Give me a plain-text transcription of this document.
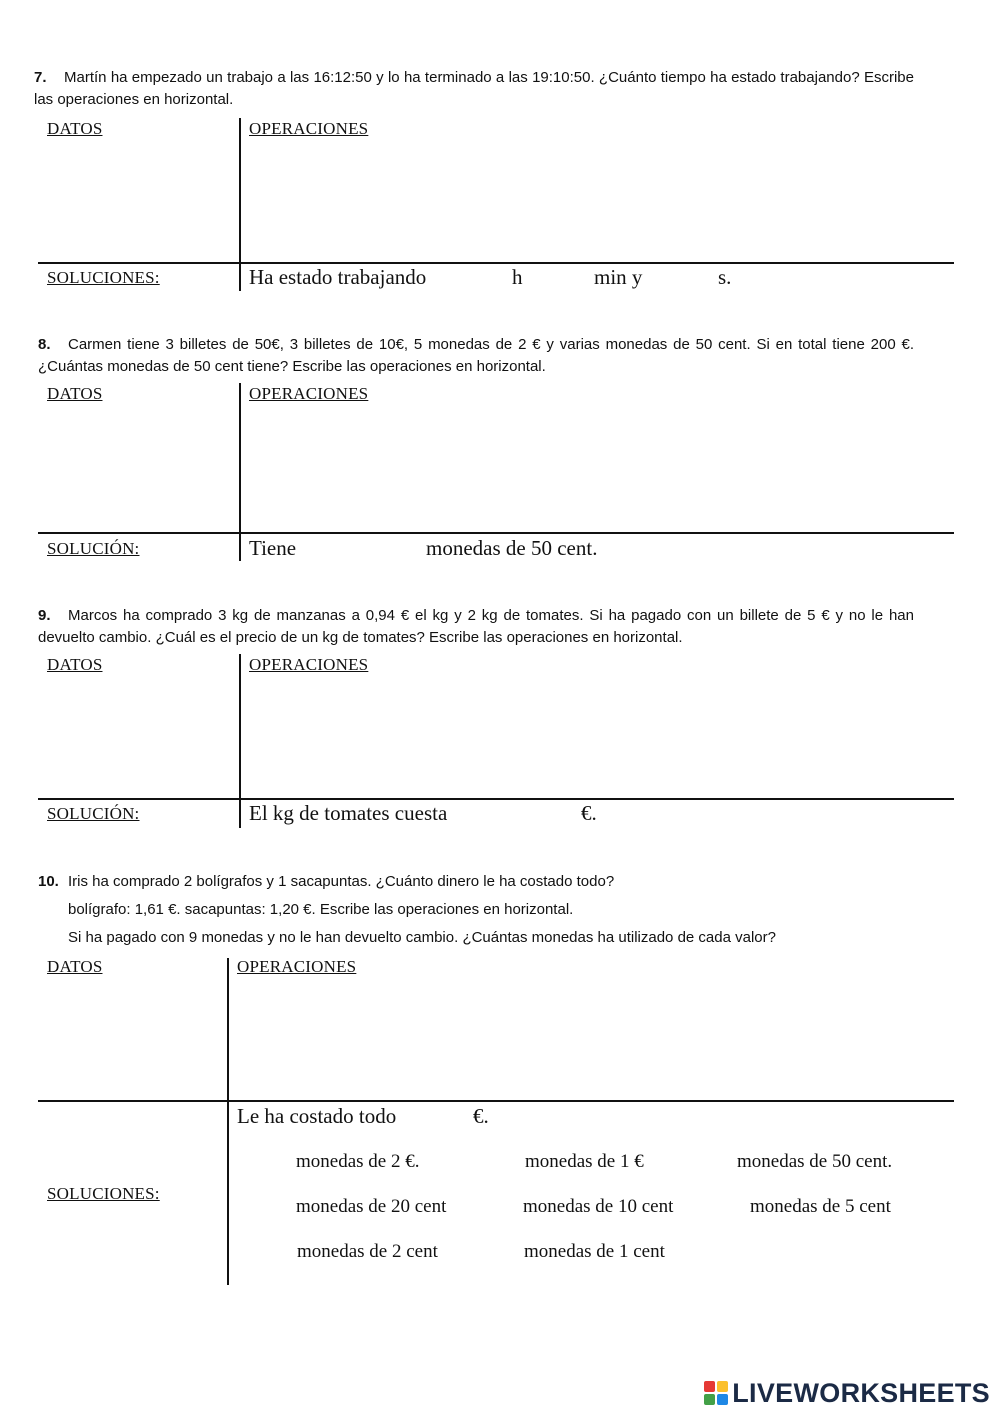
7. Martín ha empezado un trabajo a las 16:12:50 y lo ha terminado a las 19:10:50. ¿Cuánto tiempo ha estado trabajando? Escribe las operaciones en horizontal.
DATOS	OPERACIONES
SOLUCIONES:	Ha estado trabajando	h	min y	s.
8. Carmen tiene 3 billetes de 50€, 3 billetes de 10€, 5 monedas de 2 € y varias monedas de 50 cent. Si en total tiene 200 €. ¿Cuántas monedas de 50 cent tiene? Escribe las operaciones en horizontal.
DATOS	OPERACIONES
SOLUCIÓN:	Tiene	monedas de 50 cent.
9. Marcos ha comprado 3 kg de manzanas a 0,94 € el kg y 2 kg de tomates. Si ha pagado con un billete de 5 € y no le han devuelto cambio. ¿Cuál es el precio de un kg de tomates? Escribe las operaciones en horizontal.
DATOS	OPERACIONES
SOLUCIÓN:	El kg de tomates cuesta	€.

10. Iris ha comprado 2 bolígrafos y 1 sacapuntas. ¿Cuánto dinero le ha costado todo?

bolígrafo: 1,61 €. sacapuntas: 1,20 €. Escribe las operaciones en horizontal.

Si ha pagado con 9 monedas y no le han devuelto cambio. ¿Cuántas monedas ha utilizado de cada valor?

DATOS	OPERACIONES
SOLUCIONES:
Le ha costado todo	€.
monedas de 2 €.	monedas de 1 €	monedas de 50 cent.
monedas de 20 cent	monedas de 10 cent	monedas de 5 cent
monedas de 2 cent	monedas de 1 cent
LIVEWORKSHEETS
